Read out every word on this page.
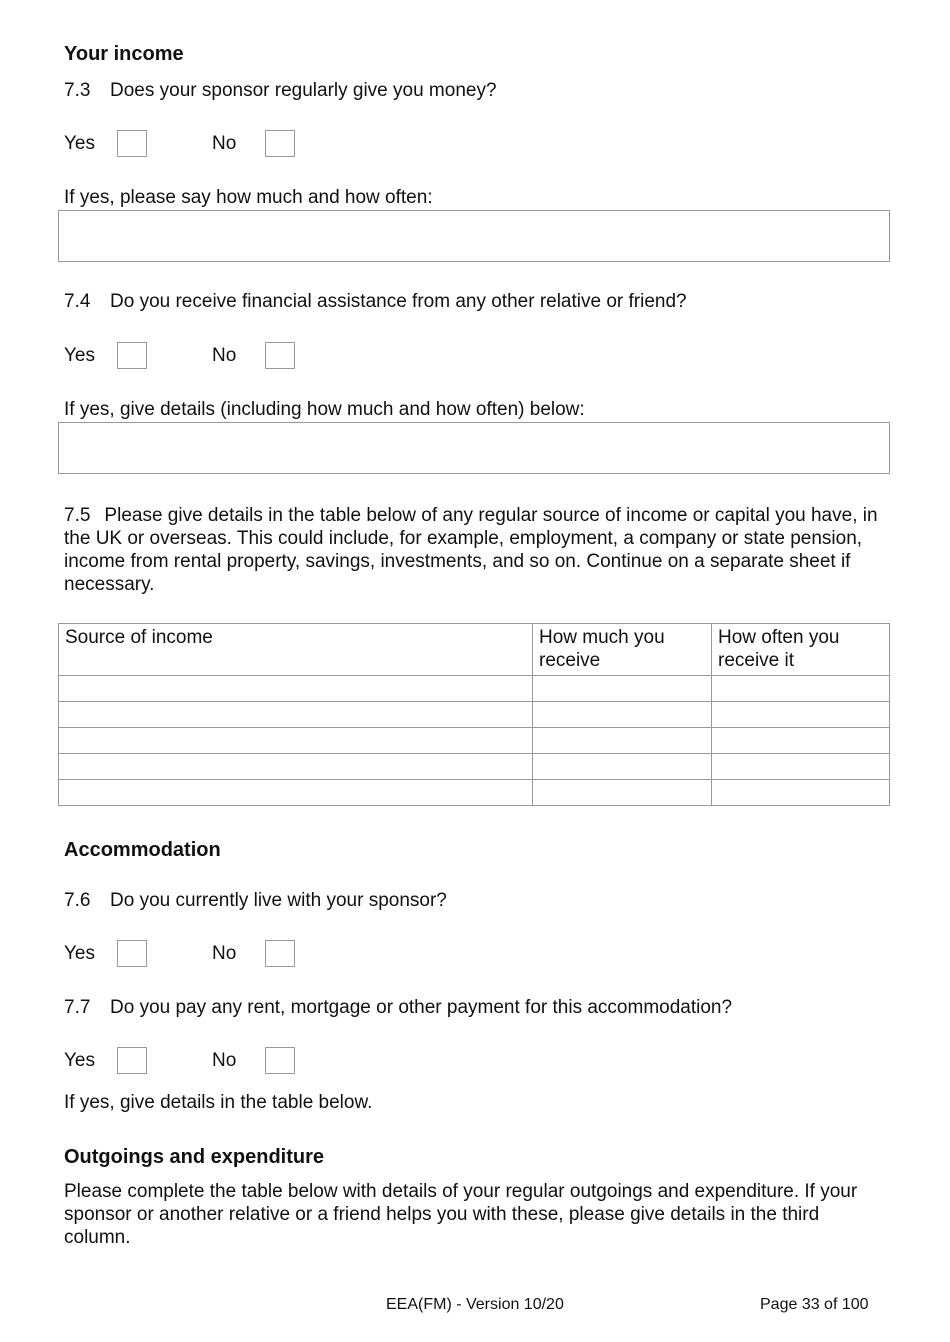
Your income
7.3 Does your sponsor regularly give you money?
Yes	No
If yes, please say how much and how often:
7.4 Do you receive financial assistance from any other relative or friend?
Yes	No
If yes, give details (including how much and how often) below:
7.5 Please give details in the table below of any regular source of income or capital you have, in the UK or overseas. This could include, for example, employment, a company or state pension, income from rental property, savings, investments, and so on. Continue on a separate sheet if necessary.
Source of income	How much you receive	How often you receive it

Accommodation
7.6 Do you currently live with your sponsor?
Yes	No
7.7 Do you pay any rent, mortgage or other payment for this accommodation?
Yes	No
If yes, give details in the table below.
Outgoings and expenditure
Please complete the table below with details of your regular outgoings and expenditure. If your sponsor or another relative or a friend helps you with these, please give details in the third column.
EEA(FM) - Version 10/20	Page 33 of 100
